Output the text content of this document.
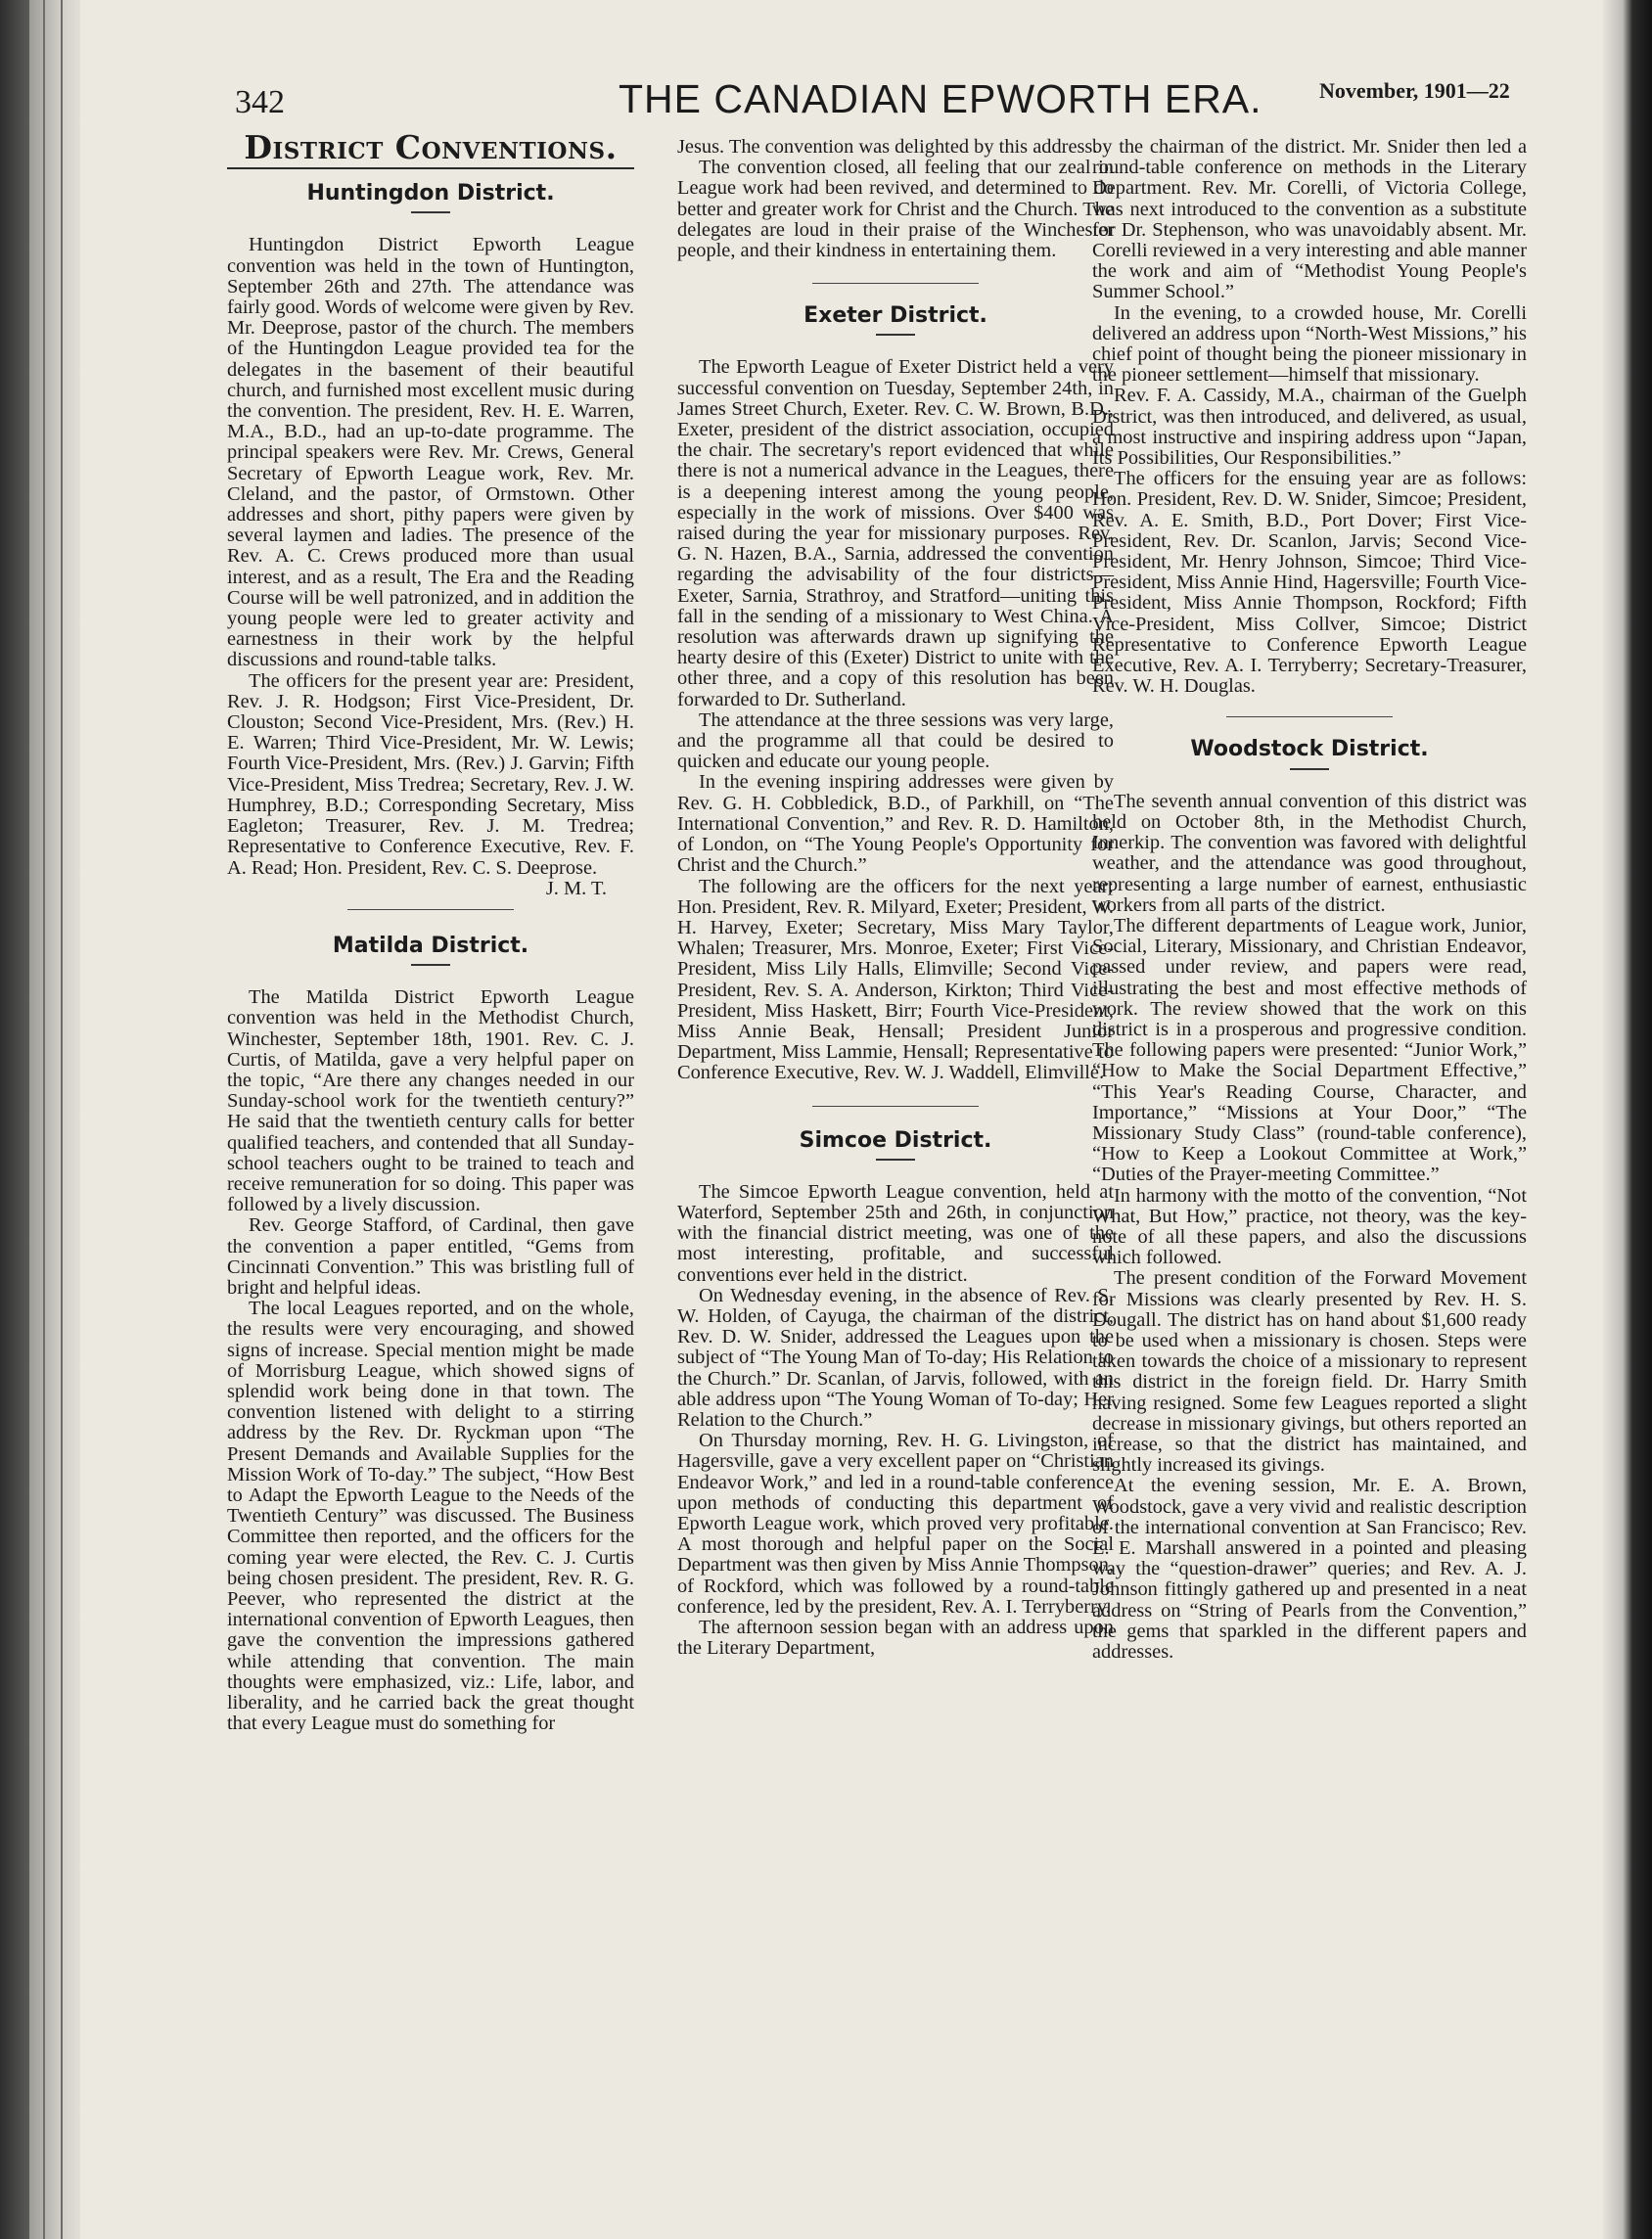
342	THE CANADIAN EPWORTH ERA.	November, 1901—22
District Conventions.
Huntingdon District.

Huntingdon District Epworth League convention was held in the town of Huntington, September 26th and 27th. The attendance was fairly good. Words of welcome were given by Rev. Mr. Deeprose, pastor of the church. The members of the Huntingdon League provided tea for the delegates in the basement of their beautiful church, and furnished most excellent music during the convention. The president, Rev. H. E. Warren, M.A., B.D., had an up-to-date programme. The principal speakers were Rev. Mr. Crews, General Secretary of Epworth League work, Rev. Mr. Cleland, and the pastor, of Ormstown. Other addresses and short, pithy papers were given by several laymen and ladies. The presence of the Rev. A. C. Crews produced more than usual interest, and as a result, The Era and the Reading Course will be well patronized, and in addition the young people were led to greater activity and earnestness in their work by the helpful discussions and round-table talks.

The officers for the present year are: President, Rev. J. R. Hodgson; First Vice-President, Dr. Clouston; Second Vice-President, Mrs. (Rev.) H. E. Warren; Third Vice-President, Mr. W. Lewis; Fourth Vice-President, Mrs. (Rev.) J. Garvin; Fifth Vice-President, Miss Tredrea; Secretary, Rev. J. W. Humphrey, B.D.; Corresponding Secretary, Miss Eagleton; Treasurer, Rev. J. M. Tredrea; Representative to Conference Executive, Rev. F. A. Read; Hon. President, Rev. C. S. Deeprose.

J. M. T.

Matilda District.

The Matilda District Epworth League convention was held in the Methodist Church, Winchester, September 18th, 1901. Rev. C. J. Curtis, of Matilda, gave a very helpful paper on the topic, “Are there any changes needed in our Sunday-school work for the twentieth century?” He said that the twentieth century calls for better qualified teachers, and contended that all Sunday-school teachers ought to be trained to teach and receive remuneration for so doing. This paper was followed by a lively discussion.

Rev. George Stafford, of Cardinal, then gave the convention a paper entitled, “Gems from Cincinnati Convention.” This was bristling full of bright and helpful ideas.

The local Leagues reported, and on the whole, the results were very encouraging, and showed signs of increase. Special mention might be made of Morrisburg League, which showed signs of splendid work being done in that town. The convention listened with delight to a stirring address by the Rev. Dr. Ryckman upon “The Present Demands and Available Supplies for the Mission Work of To-day.” The subject, “How Best to Adapt the Epworth League to the Needs of the Twentieth Century” was discussed. The Business Committee then reported, and the officers for the coming year were elected, the Rev. C. J. Curtis being chosen president. The president, Rev. R. G. Peever, who represented the district at the international convention of Epworth Leagues, then gave the convention the impressions gathered while attending that convention. The main thoughts were emphasized, viz.: Life, labor, and liberality, and he carried back the great thought that every League must do something for

Jesus. The convention was delighted by this address.

The convention closed, all feeling that our zeal in League work had been revived, and determined to do better and greater work for Christ and the Church. The delegates are loud in their praise of the Winchester people, and their kindness in entertaining them.

Exeter District.

The Epworth League of Exeter District held a very successful convention on Tuesday, September 24th, in James Street Church, Exeter. Rev. C. W. Brown, B.D., Exeter, president of the district association, occupied the chair. The secretary's report evidenced that while there is not a numerical advance in the Leagues, there is a deepening interest among the young people, especially in the work of missions. Over $400 was raised during the year for missionary purposes. Rev. G. N. Hazen, B.A., Sarnia, addressed the convention regarding the advisability of the four districts—Exeter, Sarnia, Strathroy, and Stratford—uniting this fall in the sending of a missionary to West China. A resolution was afterwards drawn up signifying the hearty desire of this (Exeter) District to unite with the other three, and a copy of this resolution has been forwarded to Dr. Sutherland.

The attendance at the three sessions was very large, and the programme all that could be desired to quicken and educate our young people.

In the evening inspiring addresses were given by Rev. G. H. Cobbledick, B.D., of Parkhill, on “The International Convention,” and Rev. R. D. Hamilton, of London, on “The Young People's Opportunity for Christ and the Church.”

The following are the officers for the next year: Hon. President, Rev. R. Milyard, Exeter; President, W. H. Harvey, Exeter; Secretary, Miss Mary Taylor, Whalen; Treasurer, Mrs. Monroe, Exeter; First Vice-President, Miss Lily Halls, Elimville; Second Vice-President, Rev. S. A. Anderson, Kirkton; Third Vice-President, Miss Haskett, Birr; Fourth Vice-President, Miss Annie Beak, Hensall; President Junior Department, Miss Lammie, Hensall; Representative to Conference Executive, Rev. W. J. Waddell, Elimville.

Simcoe District.

The Simcoe Epworth League convention, held at Waterford, September 25th and 26th, in conjunction with the financial district meeting, was one of the most interesting, profitable, and successful conventions ever held in the district.

On Wednesday evening, in the absence of Rev. S. W. Holden, of Cayuga, the chairman of the district, Rev. D. W. Snider, addressed the Leagues upon the subject of “The Young Man of To-day; His Relation to the Church.” Dr. Scanlan, of Jarvis, followed, with an able address upon “The Young Woman of To-day; Her Relation to the Church.”

On Thursday morning, Rev. H. G. Livingston, of Hagersville, gave a very excellent paper on “Christian Endeavor Work,” and led in a round-table conference upon methods of conducting this department of Epworth League work, which proved very profitable. A most thorough and helpful paper on the Social Department was then given by Miss Annie Thompson, of Rockford, which was followed by a round-table conference, led by the president, Rev. A. I. Terryberry.

The afternoon session began with an address upon the Literary Department,

by the chairman of the district. Mr. Snider then led a round-table conference on methods in the Literary Department. Rev. Mr. Corelli, of Victoria College, was next introduced to the convention as a substitute for Dr. Stephenson, who was unavoidably absent. Mr. Corelli reviewed in a very interesting and able manner the work and aim of “Methodist Young People's Summer School.”

In the evening, to a crowded house, Mr. Corelli delivered an address upon “North-West Missions,” his chief point of thought being the pioneer missionary in the pioneer settlement—himself that missionary.

Rev. F. A. Cassidy, M.A., chairman of the Guelph District, was then introduced, and delivered, as usual, a most instructive and inspiring address upon “Japan, Its Possibilities, Our Responsibilities.”

The officers for the ensuing year are as follows: Hon. President, Rev. D. W. Snider, Simcoe; President, Rev. A. E. Smith, B.D., Port Dover; First Vice-President, Rev. Dr. Scanlon, Jarvis; Second Vice-President, Mr. Henry Johnson, Simcoe; Third Vice-President, Miss Annie Hind, Hagersville; Fourth Vice-President, Miss Annie Thompson, Rockford; Fifth Vice-President, Miss Collver, Simcoe; District Representative to Conference Epworth League Executive, Rev. A. I. Terryberry; Secretary-Treasurer, Rev. W. H. Douglas.

Woodstock District.

The seventh annual convention of this district was held on October 8th, in the Methodist Church, Innerkip. The convention was favored with delightful weather, and the attendance was good throughout, representing a large number of earnest, enthusiastic workers from all parts of the district.

The different departments of League work, Junior, Social, Literary, Missionary, and Christian Endeavor, passed under review, and papers were read, illustrating the best and most effective methods of work. The review showed that the work on this district is in a prosperous and progressive condition. The following papers were presented: “Junior Work,” “How to Make the Social Department Effective,” “This Year's Reading Course, Character, and Importance,” “Missions at Your Door,” “The Missionary Study Class” (round-table conference), “How to Keep a Lookout Committee at Work,” “Duties of the Prayer-meeting Committee.”

In harmony with the motto of the convention, “Not What, But How,” practice, not theory, was the key-note of all these papers, and also the discussions which followed.

The present condition of the Forward Movement for Missions was clearly presented by Rev. H. S. Dougall. The district has on hand about $1,600 ready to be used when a missionary is chosen. Steps were taken towards the choice of a missionary to represent this district in the foreign field. Dr. Harry Smith having resigned. Some few Leagues reported a slight decrease in missionary givings, but others reported an increase, so that the district has maintained, and slightly increased its givings.

At the evening session, Mr. E. A. Brown, Woodstock, gave a very vivid and realistic description of the international convention at San Francisco; Rev. E. E. Marshall answered in a pointed and pleasing way the “question-drawer” queries; and Rev. A. J. Johnson fittingly gathered up and presented in a neat address on “String of Pearls from the Convention,” the gems that sparkled in the different papers and addresses.
